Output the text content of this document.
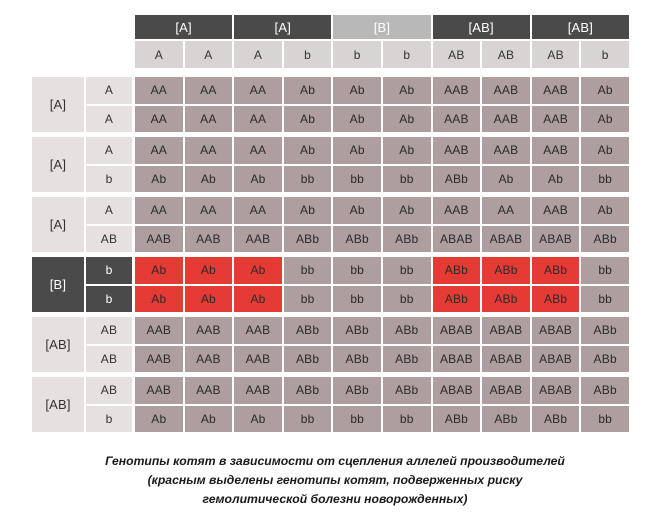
[A]	[A]	[B]	[AB]	[AB]
A	A	A	b	b	b	AB	AB	AB	b
[A]
A	AA	AA	AA	Ab	Ab	Ab	AAB	AAB	AAB	Ab
A	AA	AA	AA	Ab	Ab	Ab	AAB	AAB	AAB	Ab
[A]
A	AA	AA	AA	Ab	Ab	Ab	AAB	AAB	AAB	Ab
b	Ab	Ab	Ab	bb	bb	bb	ABb	Ab	Ab	bb
[A]
A	AA	AA	AA	Ab	Ab	Ab	AAB	AA	AAB	Ab
AB	AAB	AAB	AAB	ABb	ABb	ABb	ABAB	ABAB	ABAB	ABb
[B]
b	Ab	Ab	Ab	bb	bb	bb	ABb	ABb	ABb	bb
b	Ab	Ab	Ab	bb	bb	bb	ABb	ABb	ABb	bb
[AB]
AB	AAB	AAB	AAB	ABb	ABb	ABb	ABAB	ABAB	ABAB	ABb
AB	AAB	AAB	AAB	ABb	ABb	ABb	ABAB	ABAB	ABAB	ABb
[AB]
AB	AAB	AAB	AAB	ABb	ABb	ABb	ABAB	ABAB	ABAB	ABb
b	Ab	Ab	Ab	bb	bb	bb	ABb	ABb	ABb	bb
Генотипы котят в зависимости от сцепления аллелей производителей
(красным выделены генотипы котят, подверженных риску
гемолитической болезни новорожденных)
